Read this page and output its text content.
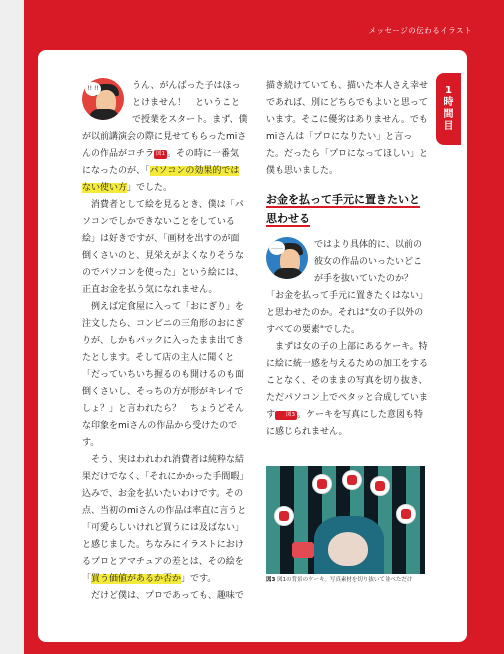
メッセージの伝わるイラスト
1
時
間
目
!! !!	うん、がんばった子はほっとけません！　ということで授業をスタート。まず、僕が以前講演会の際に見せてもらったmiさんの作品がコチラ 図1 。その時に一番気になったのが、「パソコンの効果的ではない使い方」でした。

消費者として絵を見るとき、僕は「パソコンでしかできないことをしている絵」は好きですが、「画材を出すのが面倒くさいのと、見栄えがよくなりそうなのでパソコンを使った」という絵には、正直お金を払う気になれません。

例えば定食屋に入って「おにぎり」を注文したら、コンビニの三角形のおにぎりが、しかもパックに入ったまま出てきたとします。そして店の主人に聞くと「だっていちいち握るのも開けるのも面倒くさいし、そっちの方が形がキレイでしょ？」と言われたら？　ちょうどそんな印象をmiさんの作品から受けたのです。

そう、実はわれわれ消費者は純粋な結果だけでなく、「それにかかった手間暇」込みで、お金を払いたいわけです。その点、当初のmiさんの作品は率直に言うと「可愛らしいけれど買うには及ばない」と感じました。ちなみにイラストにおけるプロとアマチュアの差とは、その絵を「買う価値があるか否か」です。

だけど僕は、プロであっても、趣味で

描き続けていても、描いた本人さえ幸せであれば、別にどちらでもよいと思っています。そこに優劣はありません。でもmiさんは「プロになりたい」と言った。だったら「プロになってほしい」と僕も思いました。

お金を払って手元に置きたいと思わせる
……	ではより具体的に、以前の彼女の作品のいったいどこが手を抜いていたのか？「お金を払って手元に置きたくはない」と思わせたのか。それは"女の子以外のすべての要素"でした。

まずは女の子の上部にあるケーキ。特に絵に統一感を与えるための加工をすることなく、そのままの写真を切り抜き、ただパソコン上でペタッと合成しています 図3 。ケーキを写真にした意図も特に感じられません。

図3 図1の背景のケーキ。写真素材を切り抜いて並べただけ
007
